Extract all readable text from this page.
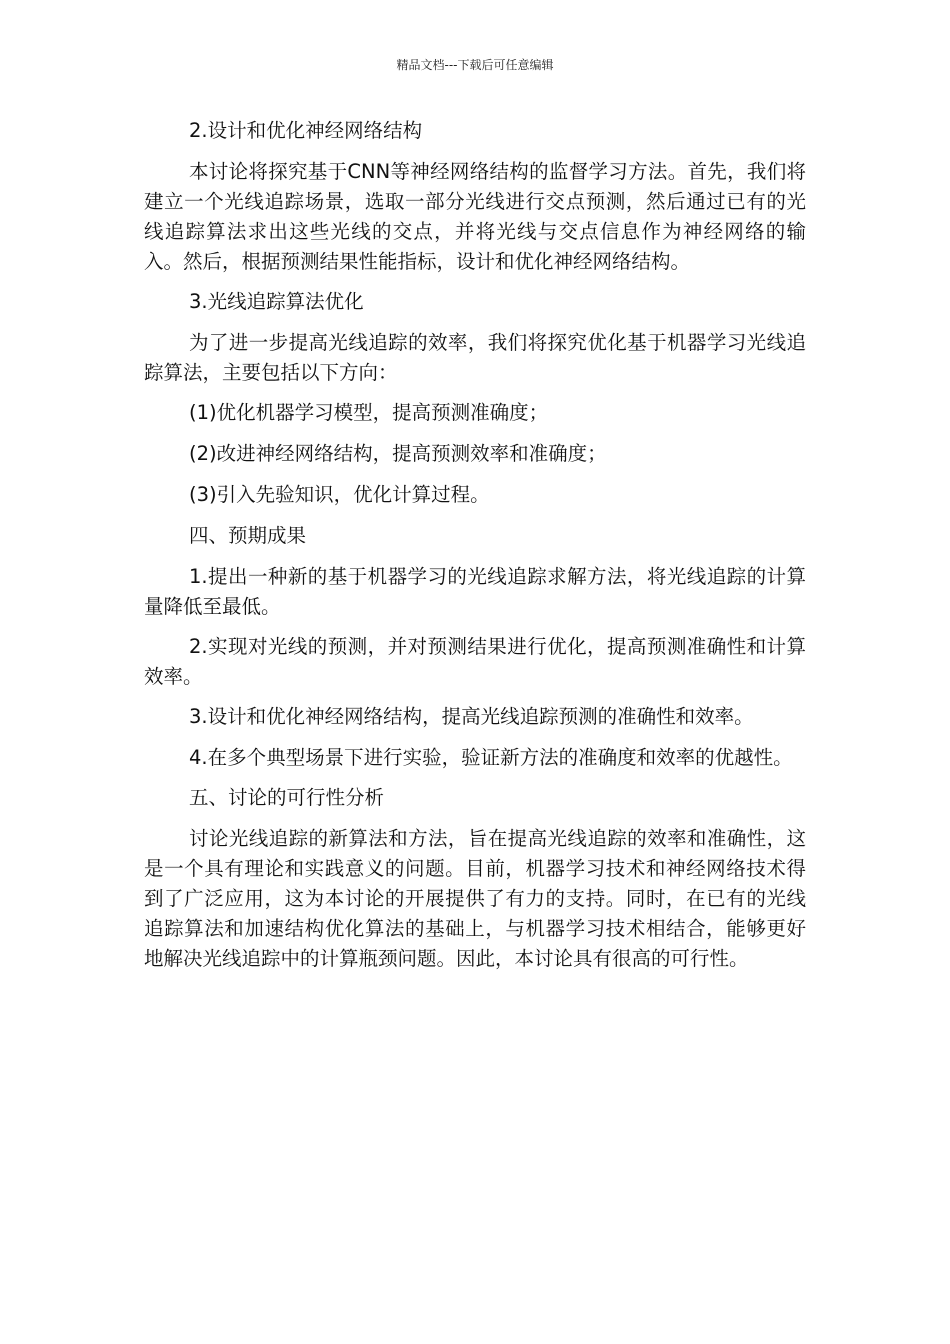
精品文档---下载后可任意编辑

2.设计和优化神经网络结构

本讨论将探究基于CNN等神经网络结构的监督学习方法。首先，我们将建立一个光线追踪场景，选取一部分光线进行交点预测，然后通过已有的光线追踪算法求出这些光线的交点，并将光线与交点信息作为神经网络的输入。然后，根据预测结果性能指标，设计和优化神经网络结构。

3.光线追踪算法优化

为了进一步提高光线追踪的效率，我们将探究优化基于机器学习光线追踪算法，主要包括以下方向：

(1)优化机器学习模型，提高预测准确度；

(2)改进神经网络结构，提高预测效率和准确度；

(3)引入先验知识，优化计算过程。

四、预期成果

1.提出一种新的基于机器学习的光线追踪求解方法，将光线追踪的计算量降低至最低。

2.实现对光线的预测，并对预测结果进行优化，提高预测准确性和计算效率。

3.设计和优化神经网络结构，提高光线追踪预测的准确性和效率。

4.在多个典型场景下进行实验，验证新方法的准确度和效率的优越性。

五、讨论的可行性分析

讨论光线追踪的新算法和方法，旨在提高光线追踪的效率和准确性，这是一个具有理论和实践意义的问题。目前，机器学习技术和神经网络技术得到了广泛应用，这为本讨论的开展提供了有力的支持。同时，在已有的光线追踪算法和加速结构优化算法的基础上，与机器学习技术相结合，能够更好地解决光线追踪中的计算瓶颈问题。因此，本讨论具有很高的可行性。
